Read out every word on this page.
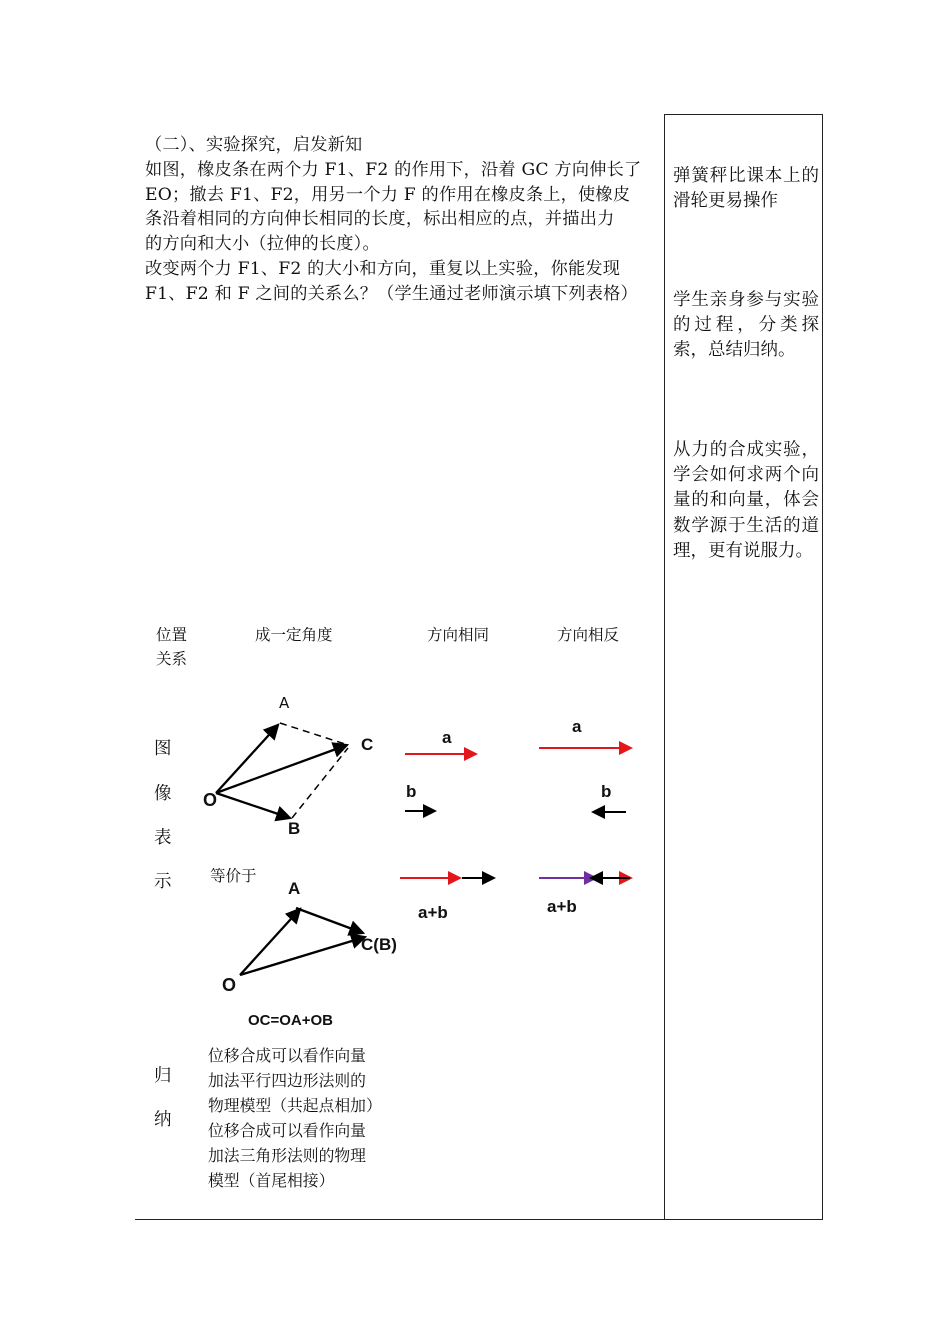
（二）、实验探究，启发新知

如图，橡皮条在两个力 F1、F2 的作用下，沿着 GC 方向伸长了

EO；撤去 F1、F2，用另一个力 F 的作用在橡皮条上，使橡皮

条沿着相同的方向伸长相同的长度，标出相应的点，并描出力

的方向和大小（拉伸的长度）。

改变两个力 F1、F2 的大小和方向，重复以上实验，你能发现

F1、F2 和 F 之间的关系么？（学生通过老师演示填下列表格）

弹簧秤比课本上的滑轮更易操作
学生亲身参与实验的过程，分类探索，总结归纳。
从力的合成实验，学会如何求两个向量的和向量，体会数学源于生活的道理，更有说服力。
位置
关系
成一定角度	方向相同	方向相反
图
像
表
示
归
纳
A
C
O
B
等价于
A
C(B)
O
OC=OA+OB
a
b
a+b
a
b
a+b
位移合成可以看作向量
加法平行四边形法则的
物理模型（共起点相加）
位移合成可以看作向量
加法三角形法则的物理
模型（首尾相接）
